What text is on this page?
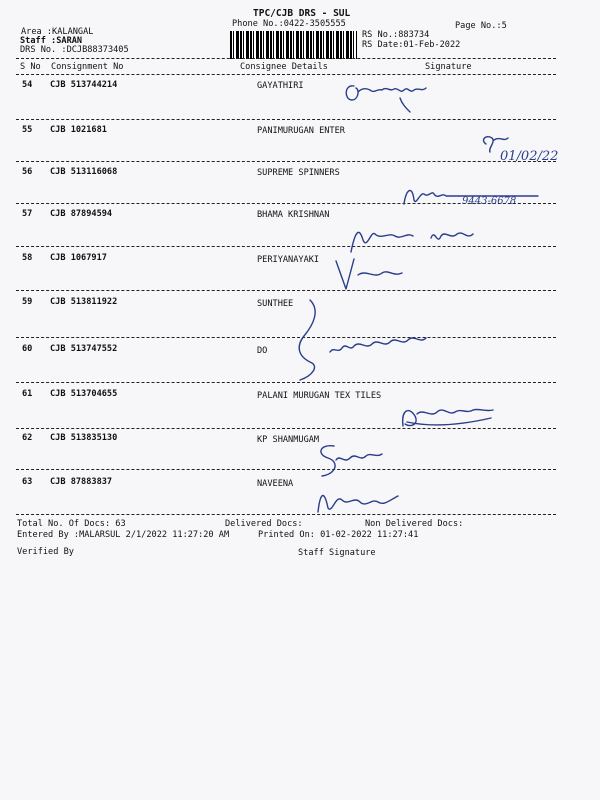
TPC/CJB DRS - SUL
Phone No.:0422-3505555	Page No.:5
Area :KALANGAL
Staff :SARAN
DRS No. :DCJB88373405
RS No.:883734
RS Date:01-Feb-2022
S No Consignment No	Consignee Details	Signature
54 CJB 513744214	GAYATHIRI
55 CJB 1021681	PANIMURUGAN ENTER
56 CJB 513116068	SUPREME SPINNERS
57 CJB 87894594	BHAMA KRISHNAN
58 CJB 1067917	PERIYANAYAKI
59 CJB 513811922	SUNTHEE
60 CJB 513747552	DO
61 CJB 513704655	PALANI MURUGAN TEX TILES
62 CJB 513835130	KP SHANMUGAM
63 CJB 87883837	NAVEENA
01/02/22
9443-6678
Total No. Of Docs: 63	Delivered Docs:	Non Delivered Docs:
Entered By :MALARSUL 2/1/2022 11:27:20 AM	Printed On: 01-02-2022 11:27:41
Verified By	Staff Signature
